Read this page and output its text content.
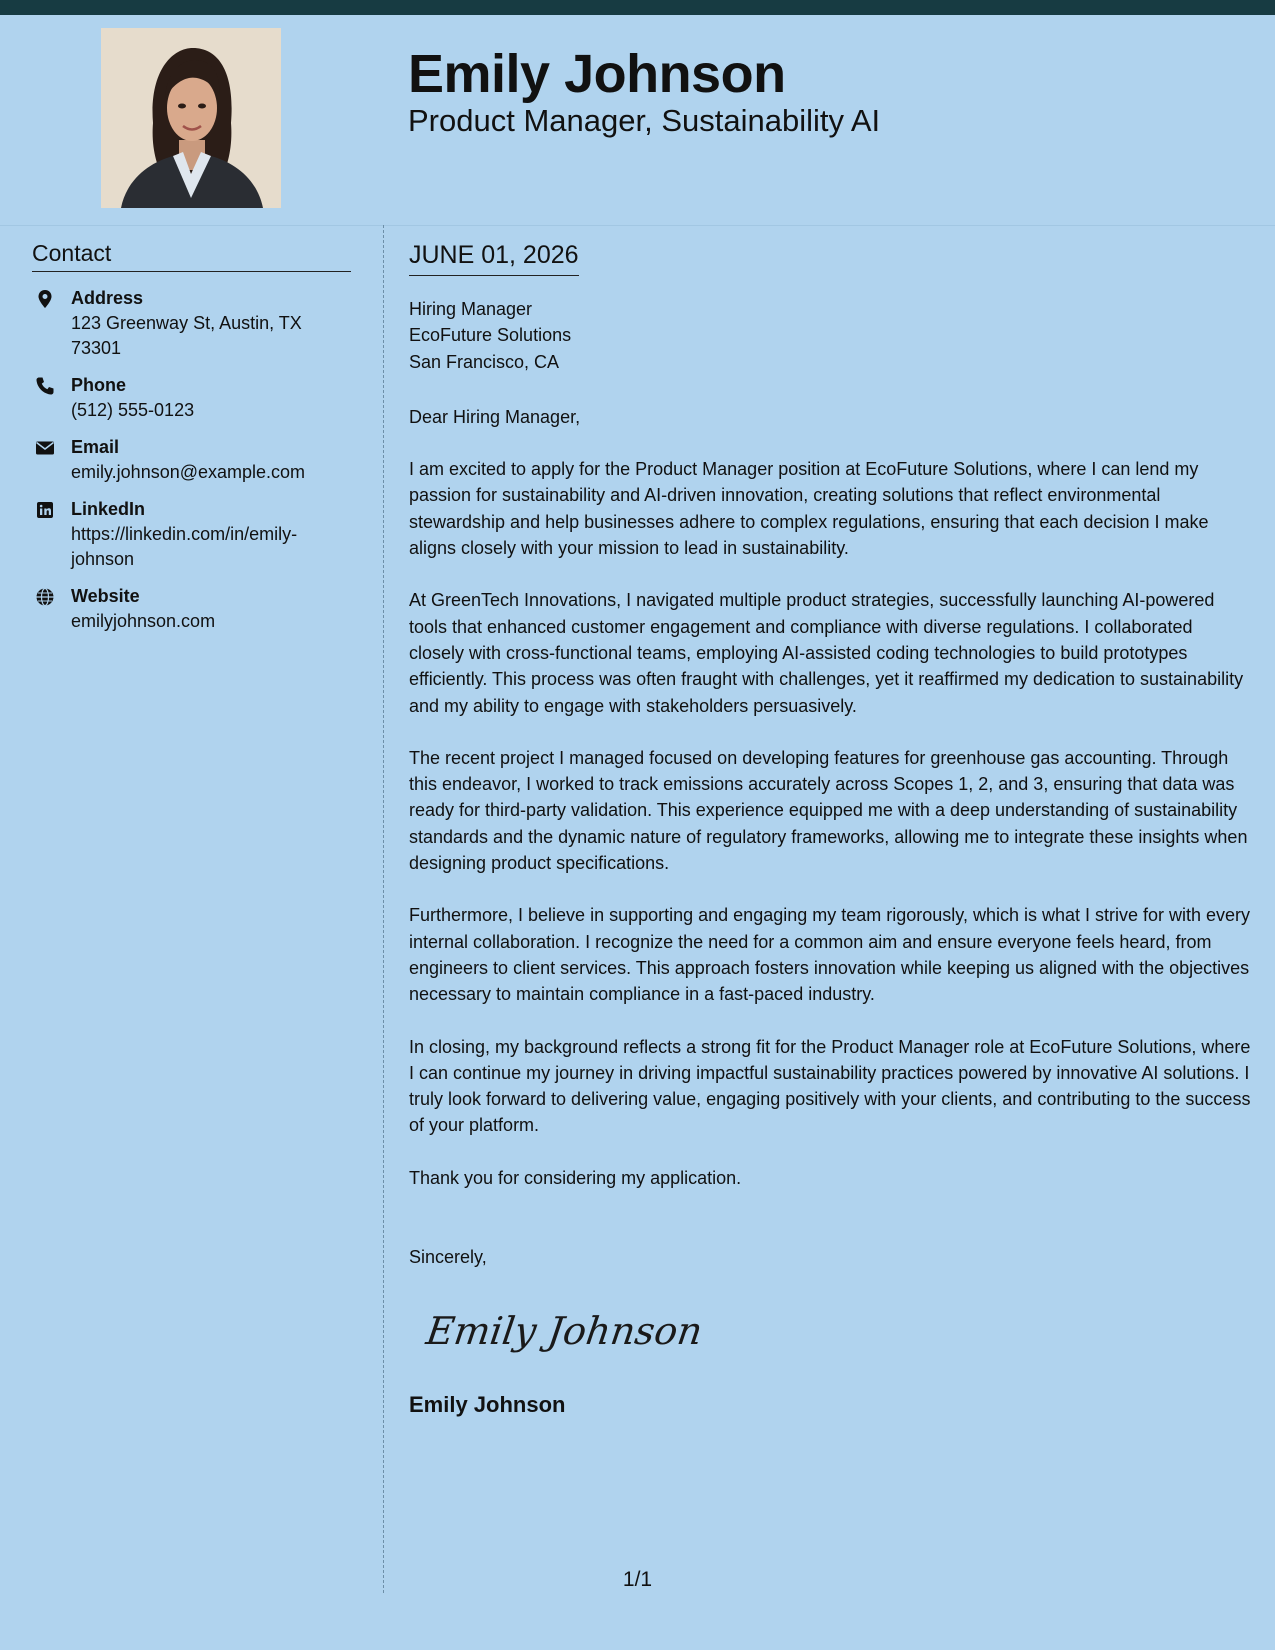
Emily Johnson
Product Manager, Sustainability AI
Contact
Address
123 Greenway St, Austin, TX 73301
Phone
(512) 555-0123
Email
emily.johnson@example.com
LinkedIn
https://linkedin.com/in/emily-johnson
Website
emilyjohnson.com
JUNE 01, 2026
Hiring Manager
EcoFuture Solutions
San Francisco, CA
Dear Hiring Manager,

I am excited to apply for the Product Manager position at EcoFuture Solutions, where I can lend my passion for sustainability and AI-driven innovation, creating solutions that reflect environmental stewardship and help businesses adhere to complex regulations, ensuring that each decision I make aligns closely with your mission to lead in sustainability.

At GreenTech Innovations, I navigated multiple product strategies, successfully launching AI-powered tools that enhanced customer engagement and compliance with diverse regulations. I collaborated closely with cross-functional teams, employing AI-assisted coding technologies to build prototypes efficiently. This process was often fraught with challenges, yet it reaffirmed my dedication to sustainability and my ability to engage with stakeholders persuasively.

The recent project I managed focused on developing features for greenhouse gas accounting. Through this endeavor, I worked to track emissions accurately across Scopes 1, 2, and 3, ensuring that data was ready for third-party validation. This experience equipped me with a deep understanding of sustainability standards and the dynamic nature of regulatory frameworks, allowing me to integrate these insights when designing product specifications.

Furthermore, I believe in supporting and engaging my team rigorously, which is what I strive for with every internal collaboration. I recognize the need for a common aim and ensure everyone feels heard, from engineers to client services. This approach fosters innovation while keeping us aligned with the objectives necessary to maintain compliance in a fast-paced industry.

In closing, my background reflects a strong fit for the Product Manager role at EcoFuture Solutions, where I can continue my journey in driving impactful sustainability practices powered by innovative AI solutions. I truly look forward to delivering value, engaging positively with your clients, and contributing to the success of your platform.

Thank you for considering my application.
Sincerely,
Emily Johnson
Emily Johnson
1/1
